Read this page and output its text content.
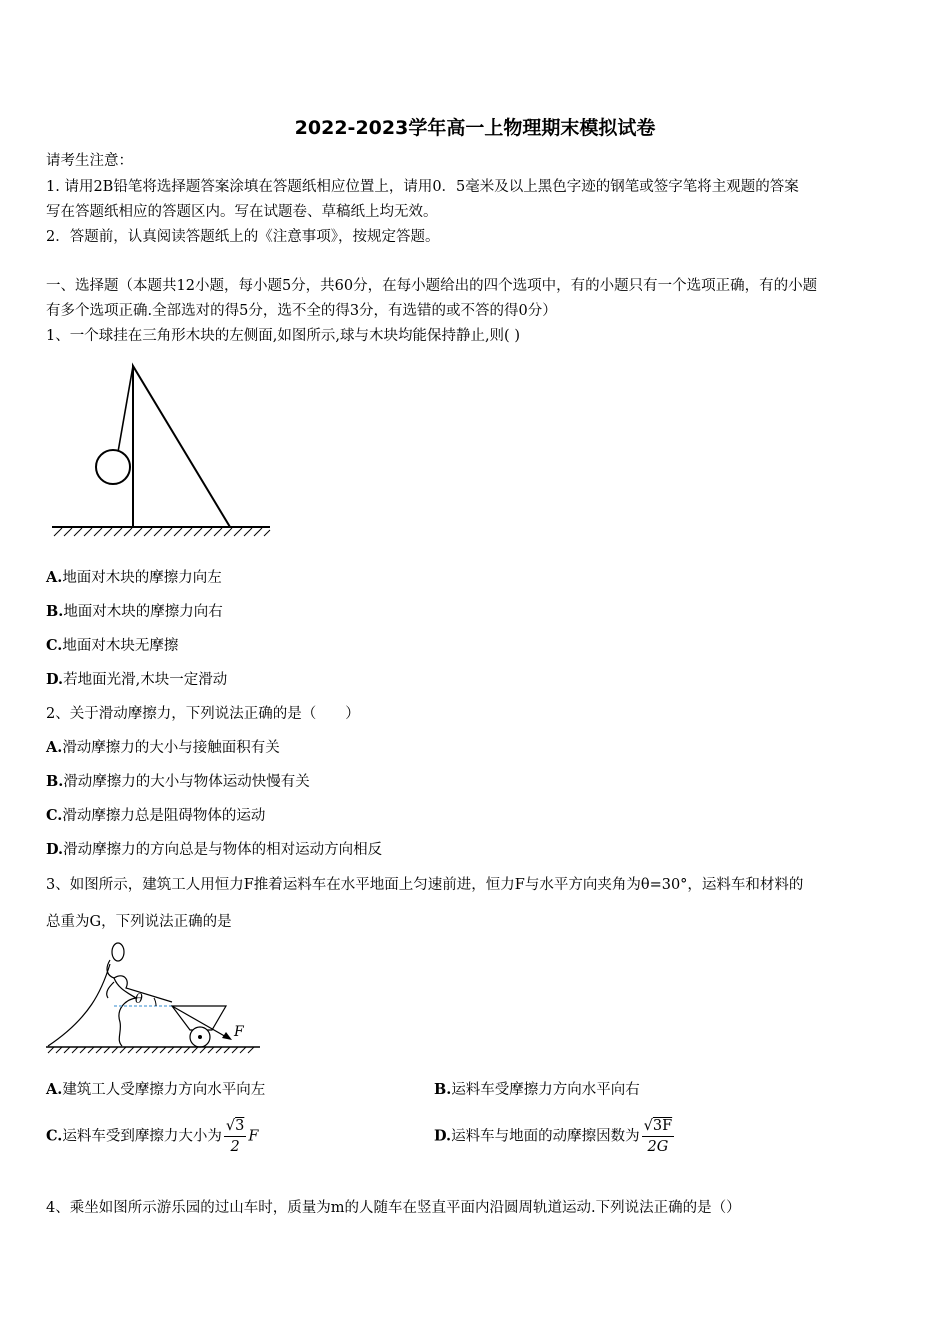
2022-2023学年高一上物理期末模拟试卷
请考生注意：
1. 请用2B铅笔将选择题答案涂填在答题纸相应位置上，请用0．5毫米及以上黑色字迹的钢笔或签字笔将主观题的答案
写在答题纸相应的答题区内。写在试题卷、草稿纸上均无效。
2．答题前，认真阅读答题纸上的《注意事项》，按规定答题。
一、选择题（本题共12小题，每小题5分，共60分，在每小题给出的四个选项中，有的小题只有一个选项正确，有的小题
有多个选项正确.全部选对的得5分，选不全的得3分，有选错的或不答的得0分）
1、一个球挂在三角形木块的左侧面,如图所示,球与木块均能保持静止,则( )
A.地面对木块的摩擦力向左
B.地面对木块的摩擦力向右
C.地面对木块无摩擦
D.若地面光滑,木块一定滑动
2、关于滑动摩擦力，下列说法正确的是（　　）
A.滑动摩擦力的大小与接触面积有关
B.滑动摩擦力的大小与物体运动快慢有关
C.滑动摩擦力总是阻碍物体的运动
D.滑动摩擦力的方向总是与物体的相对运动方向相反
3、如图所示，建筑工人用恒力F推着运料车在水平地面上匀速前进，恒力F与水平方向夹角为θ=30°，运料车和材料的
总重为G，下列说法正确的是
θ
F
A.建筑工人受摩擦力方向水平向左	B.运料车受摩擦力方向水平向右
C.运料车受到摩擦力大小为 $\frac{√3}{2}$ F	D.运料车与地面的动摩擦因数为 $\frac{√3F}{2G}$
4、乘坐如图所示游乐园的过山车时，质量为m的人随车在竖直平面内沿圆周轨道运动.下列说法正确的是（）
